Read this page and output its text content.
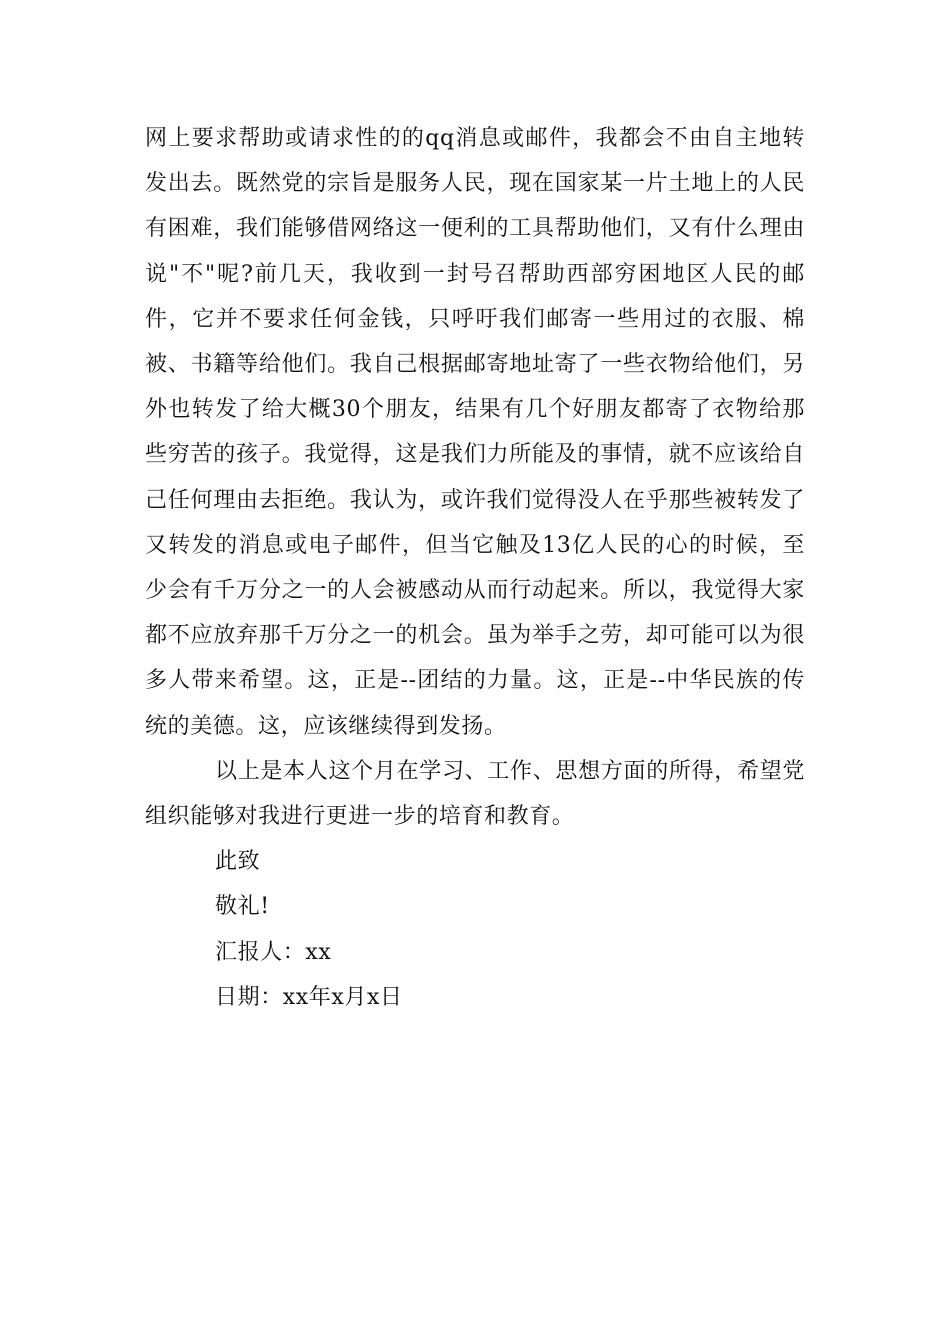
网上要求帮助或请求性的的qq消息或邮件，我都会不由自主地转发出去。既然党的宗旨是服务人民，现在国家某一片土地上的人民有困难，我们能够借网络这一便利的工具帮助他们，又有什么理由说"不"呢?前几天，我收到一封号召帮助西部穷困地区人民的邮件，它并不要求任何金钱，只呼吁我们邮寄一些用过的衣服、棉被、书籍等给他们。我自己根据邮寄地址寄了一些衣物给他们，另外也转发了给大概30个朋友，结果有几个好朋友都寄了衣物给那些穷苦的孩子。我觉得，这是我们力所能及的事情，就不应该给自己任何理由去拒绝。我认为，或许我们觉得没人在乎那些被转发了又转发的消息或电子邮件，但当它触及13亿人民的心的时候，至少会有千万分之一的人会被感动从而行动起来。所以，我觉得大家都不应放弃那千万分之一的机会。虽为举手之劳，却可能可以为很多人带来希望。这，正是--团结的力量。这，正是--中华民族的传统的美德。这，应该继续得到发扬。

以上是本人这个月在学习、工作、思想方面的所得，希望党组织能够对我进行更进一步的培育和教育。

此致

敬礼!

汇报人：xx

日期：xx年x月x日
